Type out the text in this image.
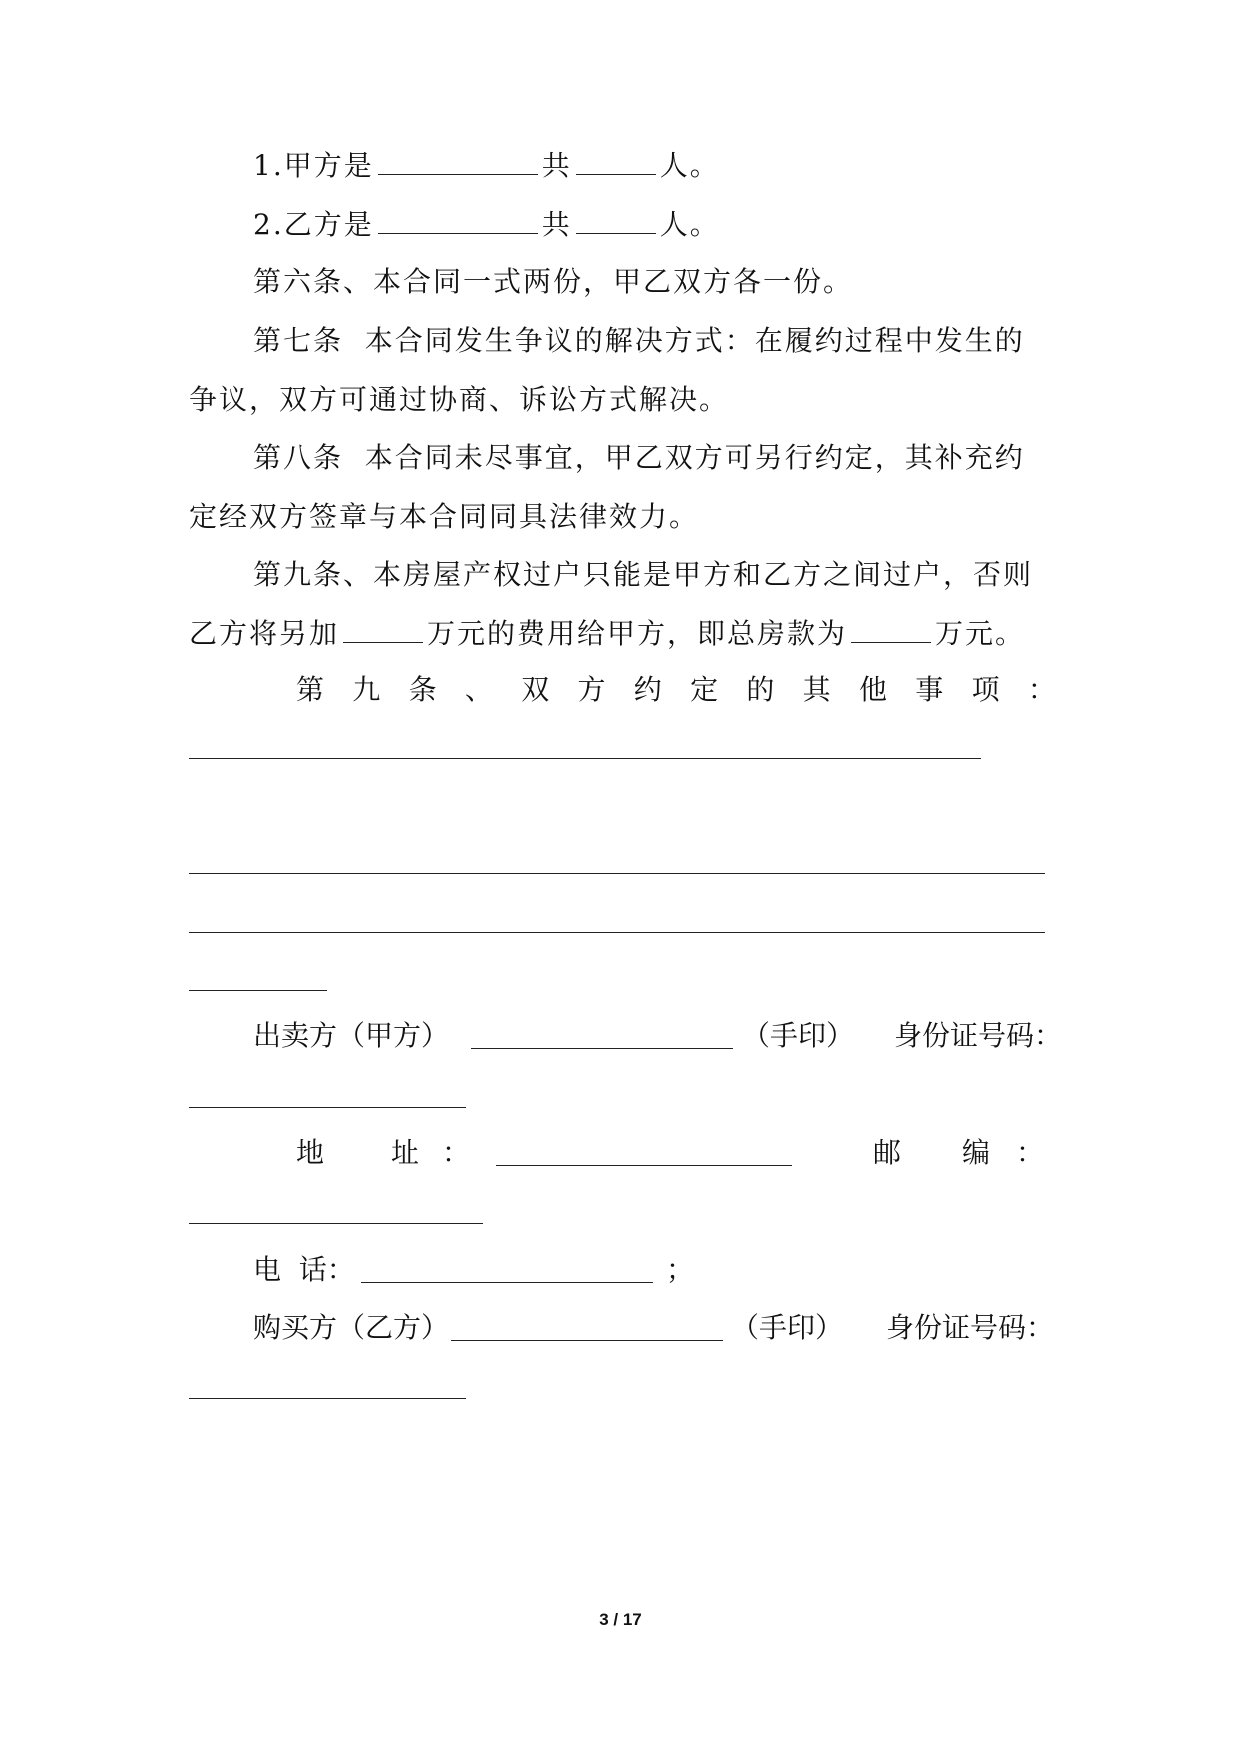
1.甲方是	共	人。
2.乙方是	共	人。
第六条、本合同一式两份，甲乙双方各一份。
第七条  本合同发生争议的解决方式：在履约过程中发生的
争议，双方可通过协商、诉讼方式解决。
第八条  本合同未尽事宜，甲乙双方可另行约定，其补充约
定经双方签章与本合同同具法律效力。
第九条、本房屋产权过户只能是甲方和乙方之间过户，否则
乙方将另加	万元的费用给甲方，即总房款为	万元。
第 九 条 、 双 方 约 定 的 其 他 事 项 ：
出卖方（甲方）	（手印） 身份证号码：
地 址 ：	邮 编 ：
电  话：	；
购买方（乙方）	（手印） 身份证号码：
3 / 17
